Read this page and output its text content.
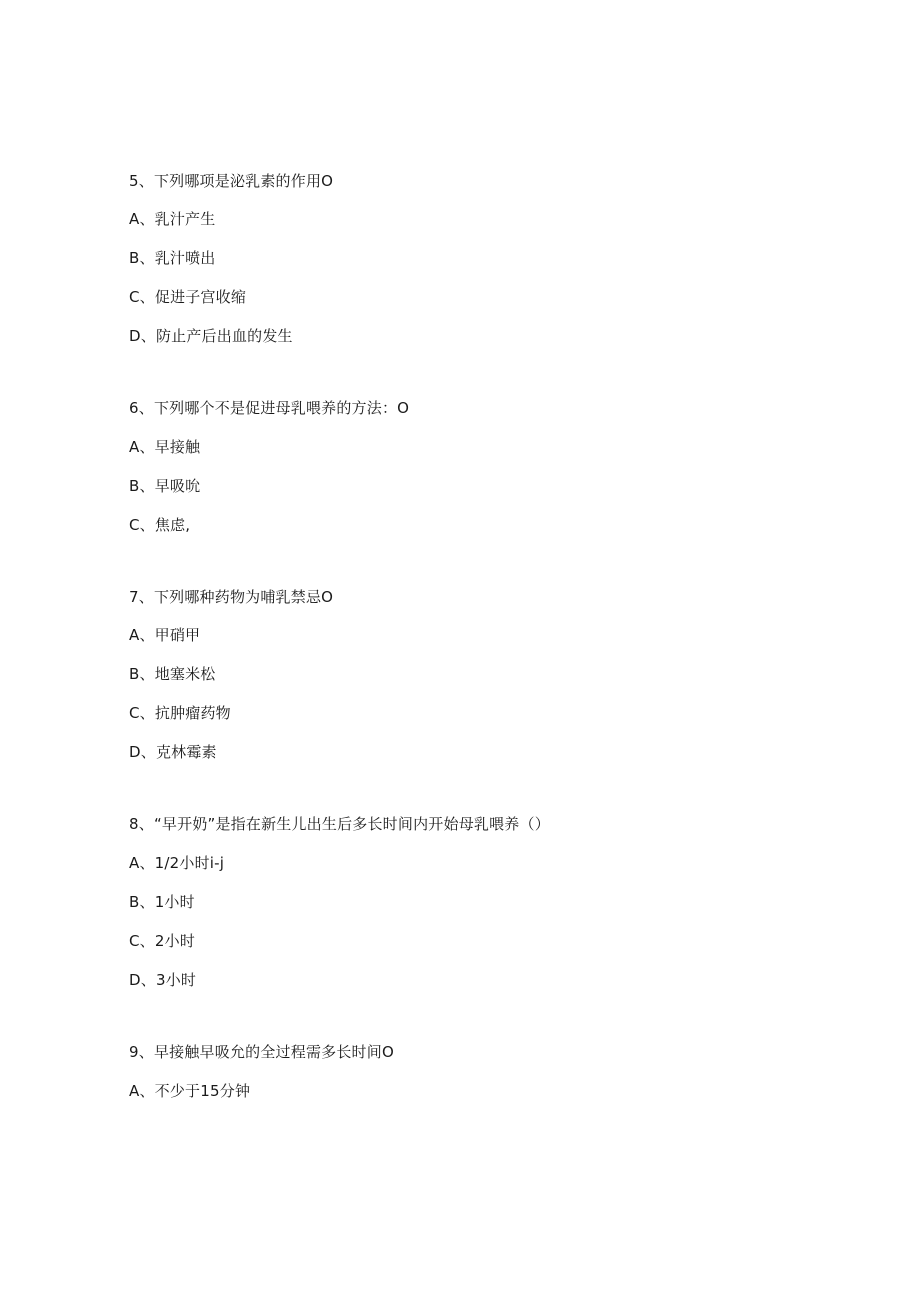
5、下列哪项是泌乳素的作用O
A、乳汁产生
B、乳汁喷出
C、促进子宫收缩
D、防止产后出血的发生
6、下列哪个不是促进母乳喂养的方法：O
A、早接触
B、早吸吮
C、焦虑,
7、下列哪种药物为哺乳禁忌O
A、甲硝甲
B、地塞米松
C、抗肿瘤药物
D、克林霉素
8、“早开奶”是指在新生儿出生后多长时间内开始母乳喂养（）
A、1/2小时i-j
B、1小时
C、2小时
D、3小时
9、早接触早吸允的全过程需多长时间O
A、不少于15分钟
